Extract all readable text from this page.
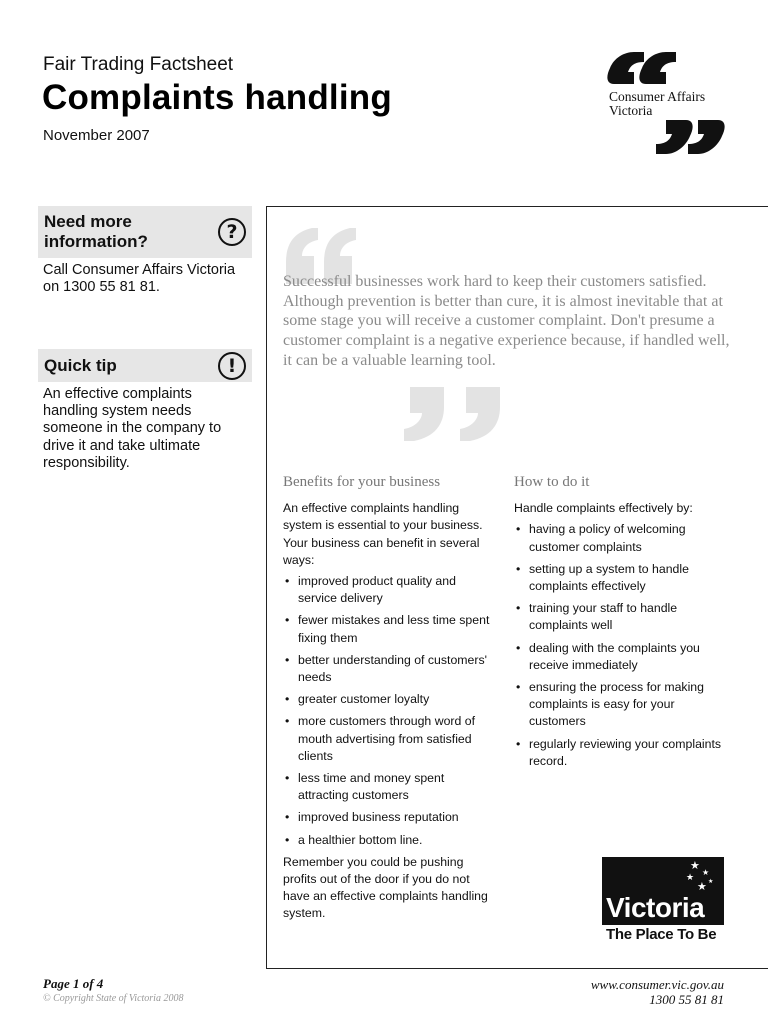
Fair Trading Factsheet
Complaints handling
November 2007
Consumer Affairs
Victoria
Need more information?	?
Call Consumer Affairs Victoria on 1300 55 81 81.
Quick tip	!
An effective complaints handling system needs someone in the company to drive it and take ultimate responsibility.
Successful businesses work hard to keep their customers satisfied. Although prevention is better than cure, it is almost inevitable that at some stage you will receive a customer complaint. Don't presume a customer complaint is a negative experience because, if handled well, it can be a valuable learning tool.
Benefits for your business

An effective complaints handling system is essential to your business. Your business can benefit in several ways:

• improved product quality and service delivery
• fewer mistakes and less time spent fixing them
• better understanding of customers' needs
• greater customer loyalty
• more customers through word of mouth advertising from satisfied clients
• less time and money spent attracting customers
• improved business reputation
• a healthier bottom line.

Remember you could be pushing profits out of the door if you do not have an effective complaints handling system.

How to do it

Handle complaints effectively by:

• having a policy of welcoming customer complaints
• setting up a system to handle complaints effectively
• training your staff to handle complaints well
• dealing with the complaints you receive immediately
• ensuring the process for making complaints is easy for your customers
• regularly reviewing your complaints record.
★
★
★
★ ★
Victoria
The Place To Be
Page 1 of 4
© Copyright State of Victoria 2008
www.consumer.vic.gov.au
1300 55 81 81
